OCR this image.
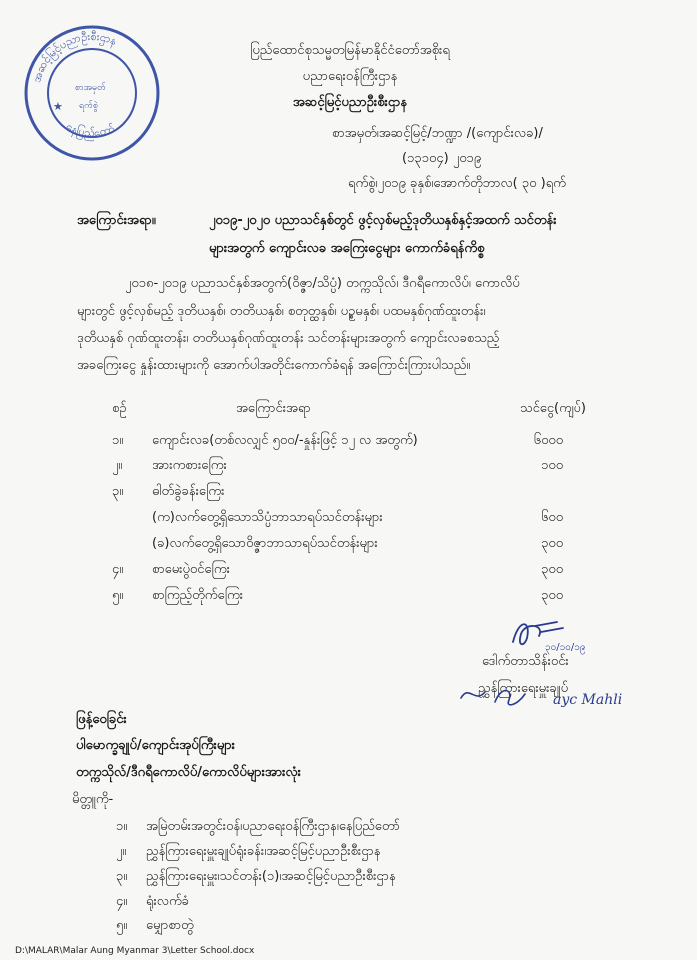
အဆင့်မြင့်ပညာဦးစီးဌာန
နေပြည်တော်
စာအမှတ်
ရက်စွဲ
★
ပြည်ထောင်စုသမ္မတမြန်မာနိုင်ငံတော်အစိုးရ
ပညာရေးဝန်ကြီးဌာန
အဆင့်မြင့်ပညာဦးစီးဌာန
စာအမှတ်၊အဆင့်မြင့်/ဘဏ္ဍာ /(ကျောင်းလခ)/
(၁၃၁၀၄) ၂၀၁၉
ရက်စွဲ၊၂၀၁၉ ခုနှစ်၊အောက်တိုဘာလ( ၃၀ )ရက်
အကြောင်းအရာ။	၂၀၁၉-၂၀၂၀ ပညာသင်နှစ်တွင် ဖွင့်လှစ်မည့်ဒုတိယနှစ်နှင့်အထက် သင်တန်း
များအတွက် ကျောင်းလခ အကြေးငွေများ ကောက်ခံရန်ကိစ္စ
၂၀၁၈-၂၀၁၉ ပညာသင်နှစ်အတွက်(ဝိဇ္ဇာ/သိပ္ပံ) တက္ကသိုလ်၊ ဒီဂရီကောလိပ်၊ ကောလိပ်
များတွင် ဖွင့်လှစ်မည့် ဒုတိယနှစ်၊ တတိယနှစ်၊ စတုတ္ထနှစ်၊ ပဉ္စမနှစ်၊ ပထမနှစ်ဂုဏ်ထူးတန်း၊
ဒုတိယနှစ် ဂုဏ်ထူးတန်း၊ တတိယနှစ်ဂုဏ်ထူးတန်း သင်တန်းများအတွက် ကျောင်းလခစသည့်
အခကြေးငွေ နှုန်းထားများကို အောက်ပါအတိုင်းကောက်ခံရန် အကြောင်းကြားပါသည်။
စဉ်	အကြောင်းအရာ	သင်ငွေ(ကျပ်)
၁။ ကျောင်းလခ(တစ်လလျှင် ၅၀၀/-နှုန်းဖြင့် ၁၂ လ အတွက်)	၆၀၀၀
၂။ အားကစားကြေး	၁၀၀
၃။ ဓါတ်ခွဲခန်းကြေး
(က)လက်တွေ့ရှိသောသိပ္ပံဘာသာရပ်သင်တန်းများ	၆၀၀
(ခ)လက်တွေ့ရှိသောဝိဇ္ဇာဘာသာရပ်သင်တန်းများ	၃၀၀
၄။ စာမေးပွဲဝင်ကြေး	၃၀၀
၅။ စာကြည့်တိုက်ကြေး	၃၀၀
၃၀/၁၀/၁၉
ဒေါက်တာသိန်းဝင်း
ညွှန်ကြားရေးမှူးချုပ်
ayc Mahli
ဖြန့်ဝေခြင်း
ပါမောက္ခချုပ်/ကျောင်းအုပ်ကြီးများ
တက္ကသိုလ်/ဒီဂရီကောလိပ်/ကောလိပ်များအားလုံး
မိတ္တူကို-
၁။ အမြဲတမ်းအတွင်းဝန်၊ပညာရေးဝန်ကြီးဌာန၊နေပြည်တော်
၂။ ညွှန်ကြားရေးမှူးချုပ်ရုံးခန်း၊အဆင့်မြင့်ပညာဦးစီးဌာန
၃။ ညွှန်ကြားရေးမှူး၊သင်တန်း(၁)၊အဆင့်မြင့်ပညာဦးစီးဌာန
၄။ ရုံးလက်ခံ
၅။ မျှောစာတွဲ
D:\MALAR\Malar Aung Myanmar 3\Letter School.docx
